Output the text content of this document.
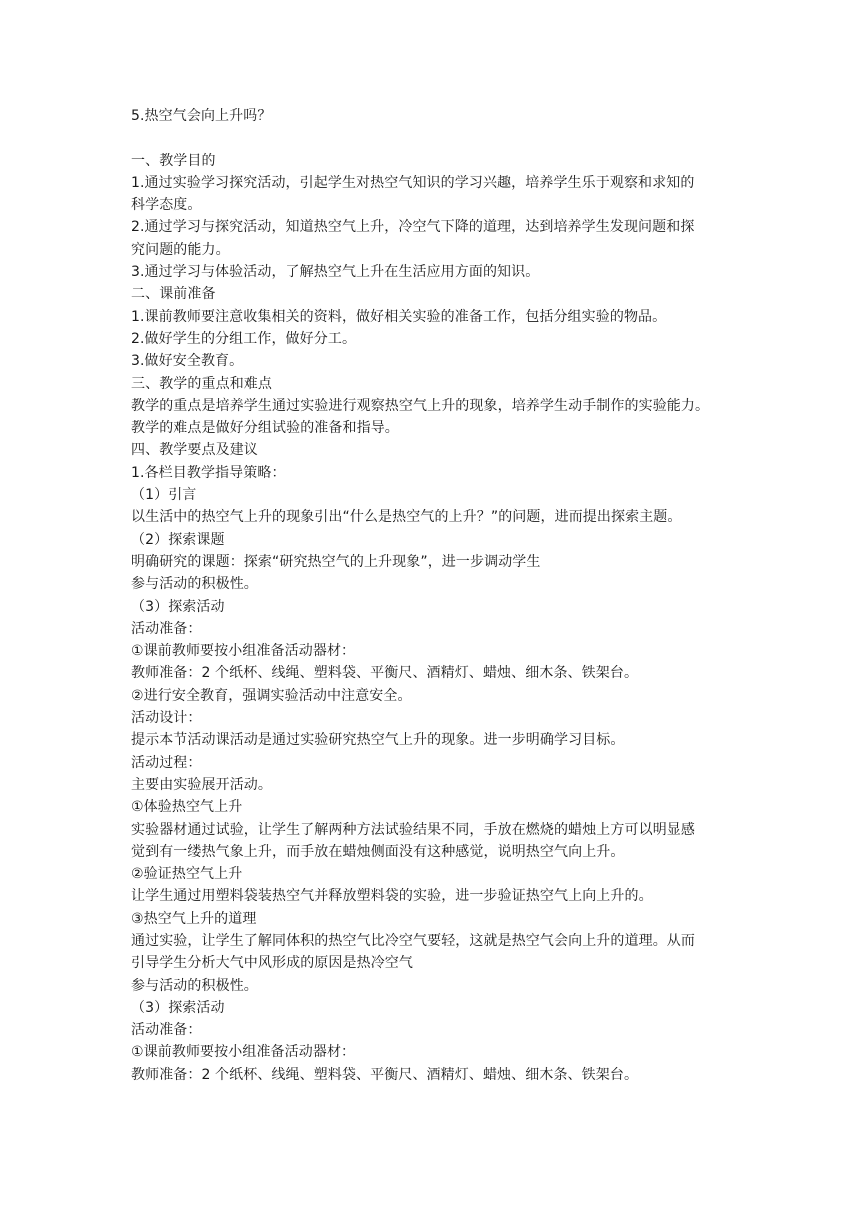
5.热空气会向上升吗？
一、教学目的
1.通过实验学习探究活动，引起学生对热空气知识的学习兴趣，培养学生乐于观察和求知的
科学态度。
2.通过学习与探究活动，知道热空气上升，冷空气下降的道理，达到培养学生发现问题和探
究问题的能力。
3.通过学习与体验活动，了解热空气上升在生活应用方面的知识。
二、课前准备
1.课前教师要注意收集相关的资料，做好相关实验的准备工作，包括分组实验的物品。
2.做好学生的分组工作，做好分工。
3.做好安全教育。
三、教学的重点和难点
教学的重点是培养学生通过实验进行观察热空气上升的现象，培养学生动手制作的实验能力。
教学的难点是做好分组试验的准备和指导。
四、教学要点及建议
1.各栏目教学指导策略：
（1）引言
以生活中的热空气上升的现象引出“什么是热空气的上升？”的问题，进而提出探索主题。
（2）探索课题
明确研究的课题：探索“研究热空气的上升现象”，进一步调动学生
参与活动的积极性。
（3）探索活动
活动准备：
①课前教师要按小组准备活动器材：
教师准备：2 个纸杯、线绳、塑料袋、平衡尺、酒精灯、蜡烛、细木条、铁架台。
②进行安全教育，强调实验活动中注意安全。
活动设计：
提示本节活动课活动是通过实验研究热空气上升的现象。进一步明确学习目标。
活动过程：
主要由实验展开活动。
①体验热空气上升
实验器材通过试验，让学生了解两种方法试验结果不同，手放在燃烧的蜡烛上方可以明显感
觉到有一缕热气象上升，而手放在蜡烛侧面没有这种感觉，说明热空气向上升。
②验证热空气上升
让学生通过用塑料袋装热空气并释放塑料袋的实验，进一步验证热空气上向上升的。
③热空气上升的道理
通过实验，让学生了解同体积的热空气比冷空气要轻，这就是热空气会向上升的道理。从而
引导学生分析大气中风形成的原因是热冷空气
参与活动的积极性。
（3）探索活动
活动准备：
①课前教师要按小组准备活动器材：
教师准备：2 个纸杯、线绳、塑料袋、平衡尺、酒精灯、蜡烛、细木条、铁架台。
